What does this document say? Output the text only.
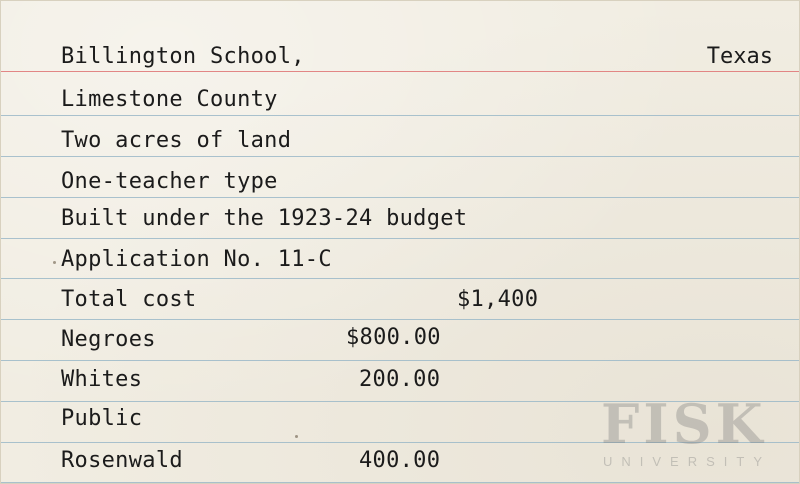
Billington School,	Texas
Limestone County
Two acres of land
One-teacher type
Built under the 1923-24 budget
Application No. 11-C
Total cost	$1,400
Negroes	$800.00
Whites	200.00
Public
Rosenwald	400.00
FISK
UNIVERSITY
